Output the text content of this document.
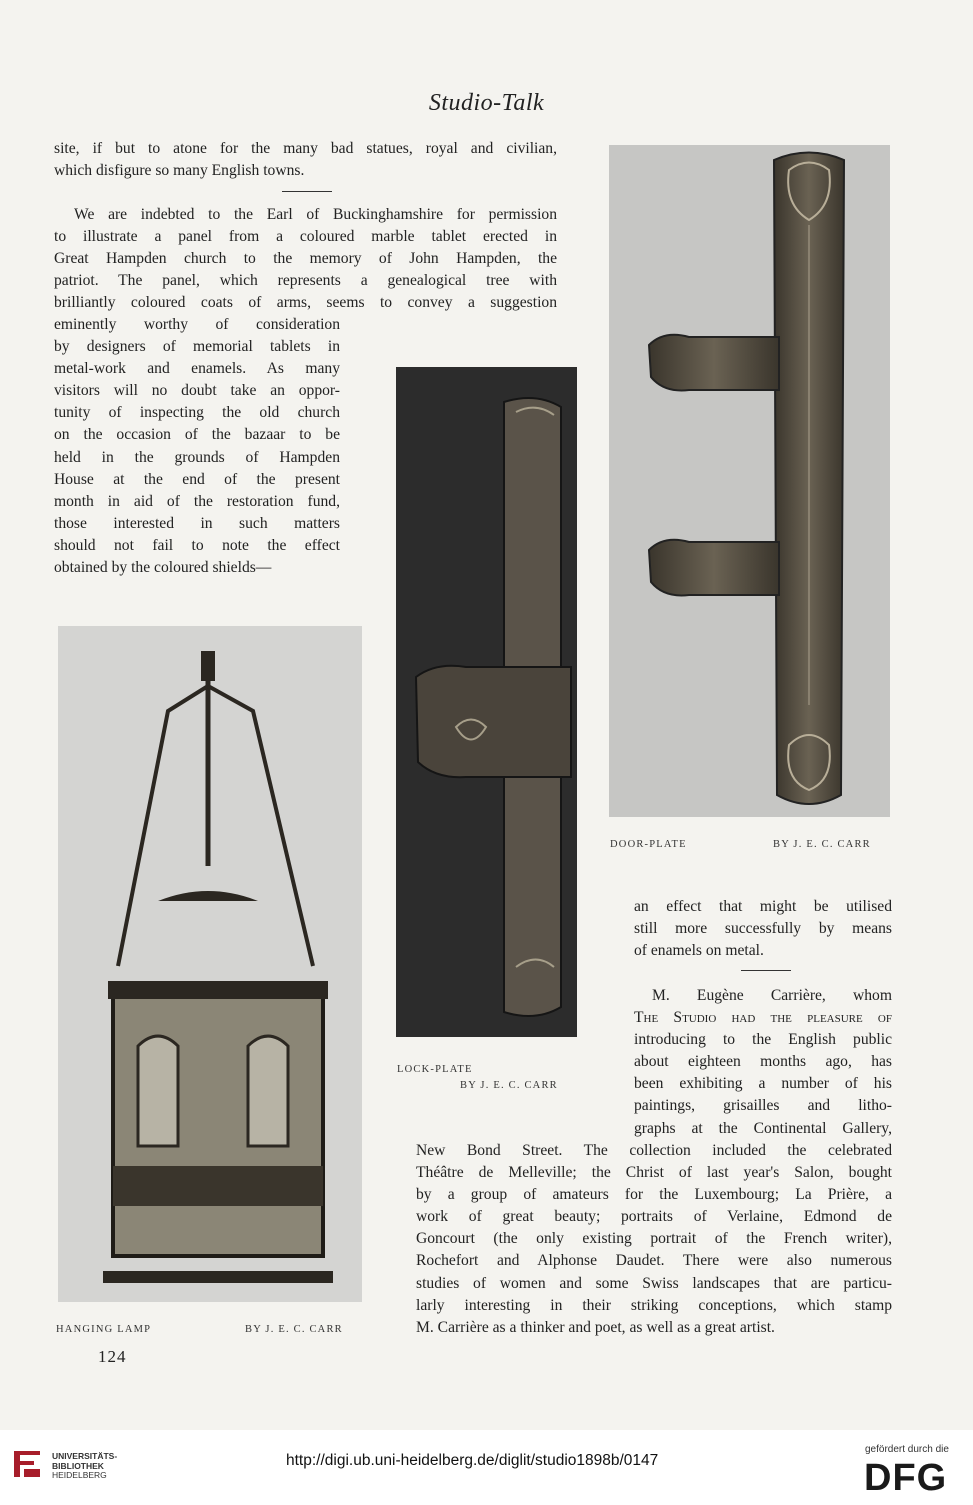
Studio-Talk
site, if but to atone for the many bad statues, royal and civilian,
which disfigure so many English towns.
We are indebted to the Earl of Buckinghamshire for permission
to illustrate a panel from a coloured marble tablet erected in
Great Hampden church to the memory of John Hampden, the
patriot. The panel, which represents a genealogical tree with
brilliantly coloured coats of arms, seems to convey a suggestion
eminently worthy of consideration
by designers of memorial tablets in
metal-work and enamels. As many
visitors will no doubt take an oppor-
tunity of inspecting the old church
on the occasion of the bazaar to be
held in the grounds of Hampden
House at the end of the present
month in aid of the restoration fund,
those interested in such matters
should not fail to note the effect
obtained by the coloured shields—
DOOR-PLATE	BY J. E. C. CARR
LOCK-PLATE
BY J. E. C. CARR
HANGING LAMP	BY J. E. C. CARR
an effect that might be utilised
still more successfully by means
of enamels on metal.
M. Eugène Carrière, whom
The Studio had the pleasure of
introducing to the English public
about eighteen months ago, has
been exhibiting a number of his
paintings, grisailles and litho-
graphs at the Continental Gallery,
New Bond Street. The collection included the celebrated
Théâtre de Melleville; the Christ of last year's Salon, bought
by a group of amateurs for the Luxembourg; La Prière, a
work of great beauty; portraits of Verlaine, Edmond de
Goncourt (the only existing portrait of the French writer),
Rochefort and Alphonse Daudet. There were also numerous
studies of women and some Swiss landscapes that are particu-
larly interesting in their striking conceptions, which stamp
M. Carrière as a thinker and poet, as well as a great artist.
124
UNIVERSITÄTS-
BIBLIOTHEK
HEIDELBERG
http://digi.ub.uni-heidelberg.de/diglit/studio1898b/0147
gefördert durch die
DFG
